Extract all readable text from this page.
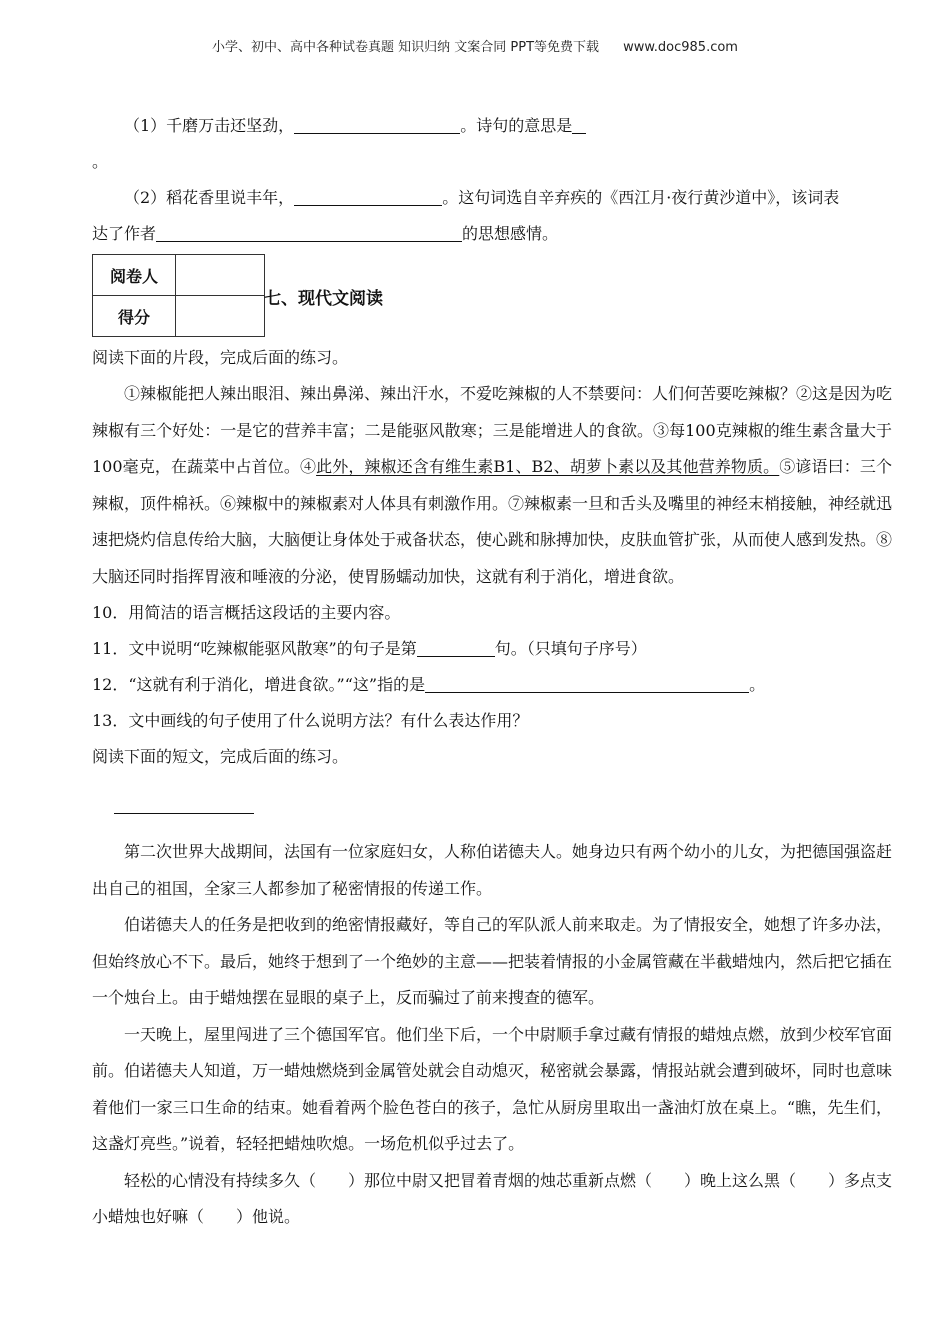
小学、初中、高中各种试卷真题 知识归纳 文案合同 PPT等免费下载 www.doc985.com

（1）千磨万击还坚劲，	。诗句的意思是

。

（2）稻花香里说丰年，	。这句词选自辛弃疾的《西江月·夜行黄沙道中》，该词表

达了作者	的思想感情。

阅卷人	
得分	
七、现代文阅读

阅读下面的片段，完成后面的练习。

①辣椒能把人辣出眼泪、辣出鼻涕、辣出汗水，不爱吃辣椒的人不禁要问：人们何苦要吃辣椒？②这是因为吃辣椒有三个好处：一是它的营养丰富；二是能驱风散寒；三是能增进人的食欲。③每100克辣椒的维生素含量大于100毫克，在蔬菜中占首位。④此外，辣椒还含有维生素B1、B2、胡萝卜素以及其他营养物质。⑤谚语曰：三个辣椒，顶件棉袄。⑥辣椒中的辣椒素对人体具有刺激作用。⑦辣椒素一旦和舌头及嘴里的神经末梢接触，神经就迅速把烧灼信息传给大脑，大脑便让身体处于戒备状态，使心跳和脉搏加快，皮肤血管扩张，从而使人感到发热。⑧大脑还同时指挥胃液和唾液的分泌，使胃肠蠕动加快，这就有利于消化，增进食欲。

10．用简洁的语言概括这段话的主要内容。

11．文中说明“吃辣椒能驱风散寒”的句子是第	句。（只填句子序号）

12．“这就有利于消化，增进食欲。”“这”指的是	。

13．文中画线的句子使用了什么说明方法？有什么表达作用？

阅读下面的短文，完成后面的练习。

第二次世界大战期间，法国有一位家庭妇女，人称伯诺德夫人。她身边只有两个幼小的儿女，为把德国强盗赶出自己的祖国，全家三人都参加了秘密情报的传递工作。

伯诺德夫人的任务是把收到的绝密情报藏好，等自己的军队派人前来取走。为了情报安全，她想了许多办法，但始终放心不下。最后，她终于想到了一个绝妙的主意——把装着情报的小金属管藏在半截蜡烛内，然后把它插在一个烛台上。由于蜡烛摆在显眼的桌子上，反而骗过了前来搜查的德军。

一天晚上，屋里闯进了三个德国军官。他们坐下后，一个中尉顺手拿过藏有情报的蜡烛点燃，放到少校军官面前。伯诺德夫人知道，万一蜡烛燃烧到金属管处就会自动熄灭，秘密就会暴露，情报站就会遭到破坏，同时也意味着他们一家三口生命的结束。她看着两个脸色苍白的孩子，急忙从厨房里取出一盏油灯放在桌上。“瞧，先生们，这盏灯亮些。”说着，轻轻把蜡烛吹熄。一场危机似乎过去了。

轻松的心情没有持续多久（　　）那位中尉又把冒着青烟的烛芯重新点燃（　　）晚上这么黑（　　）多点支小蜡烛也好嘛（　　）他说。
